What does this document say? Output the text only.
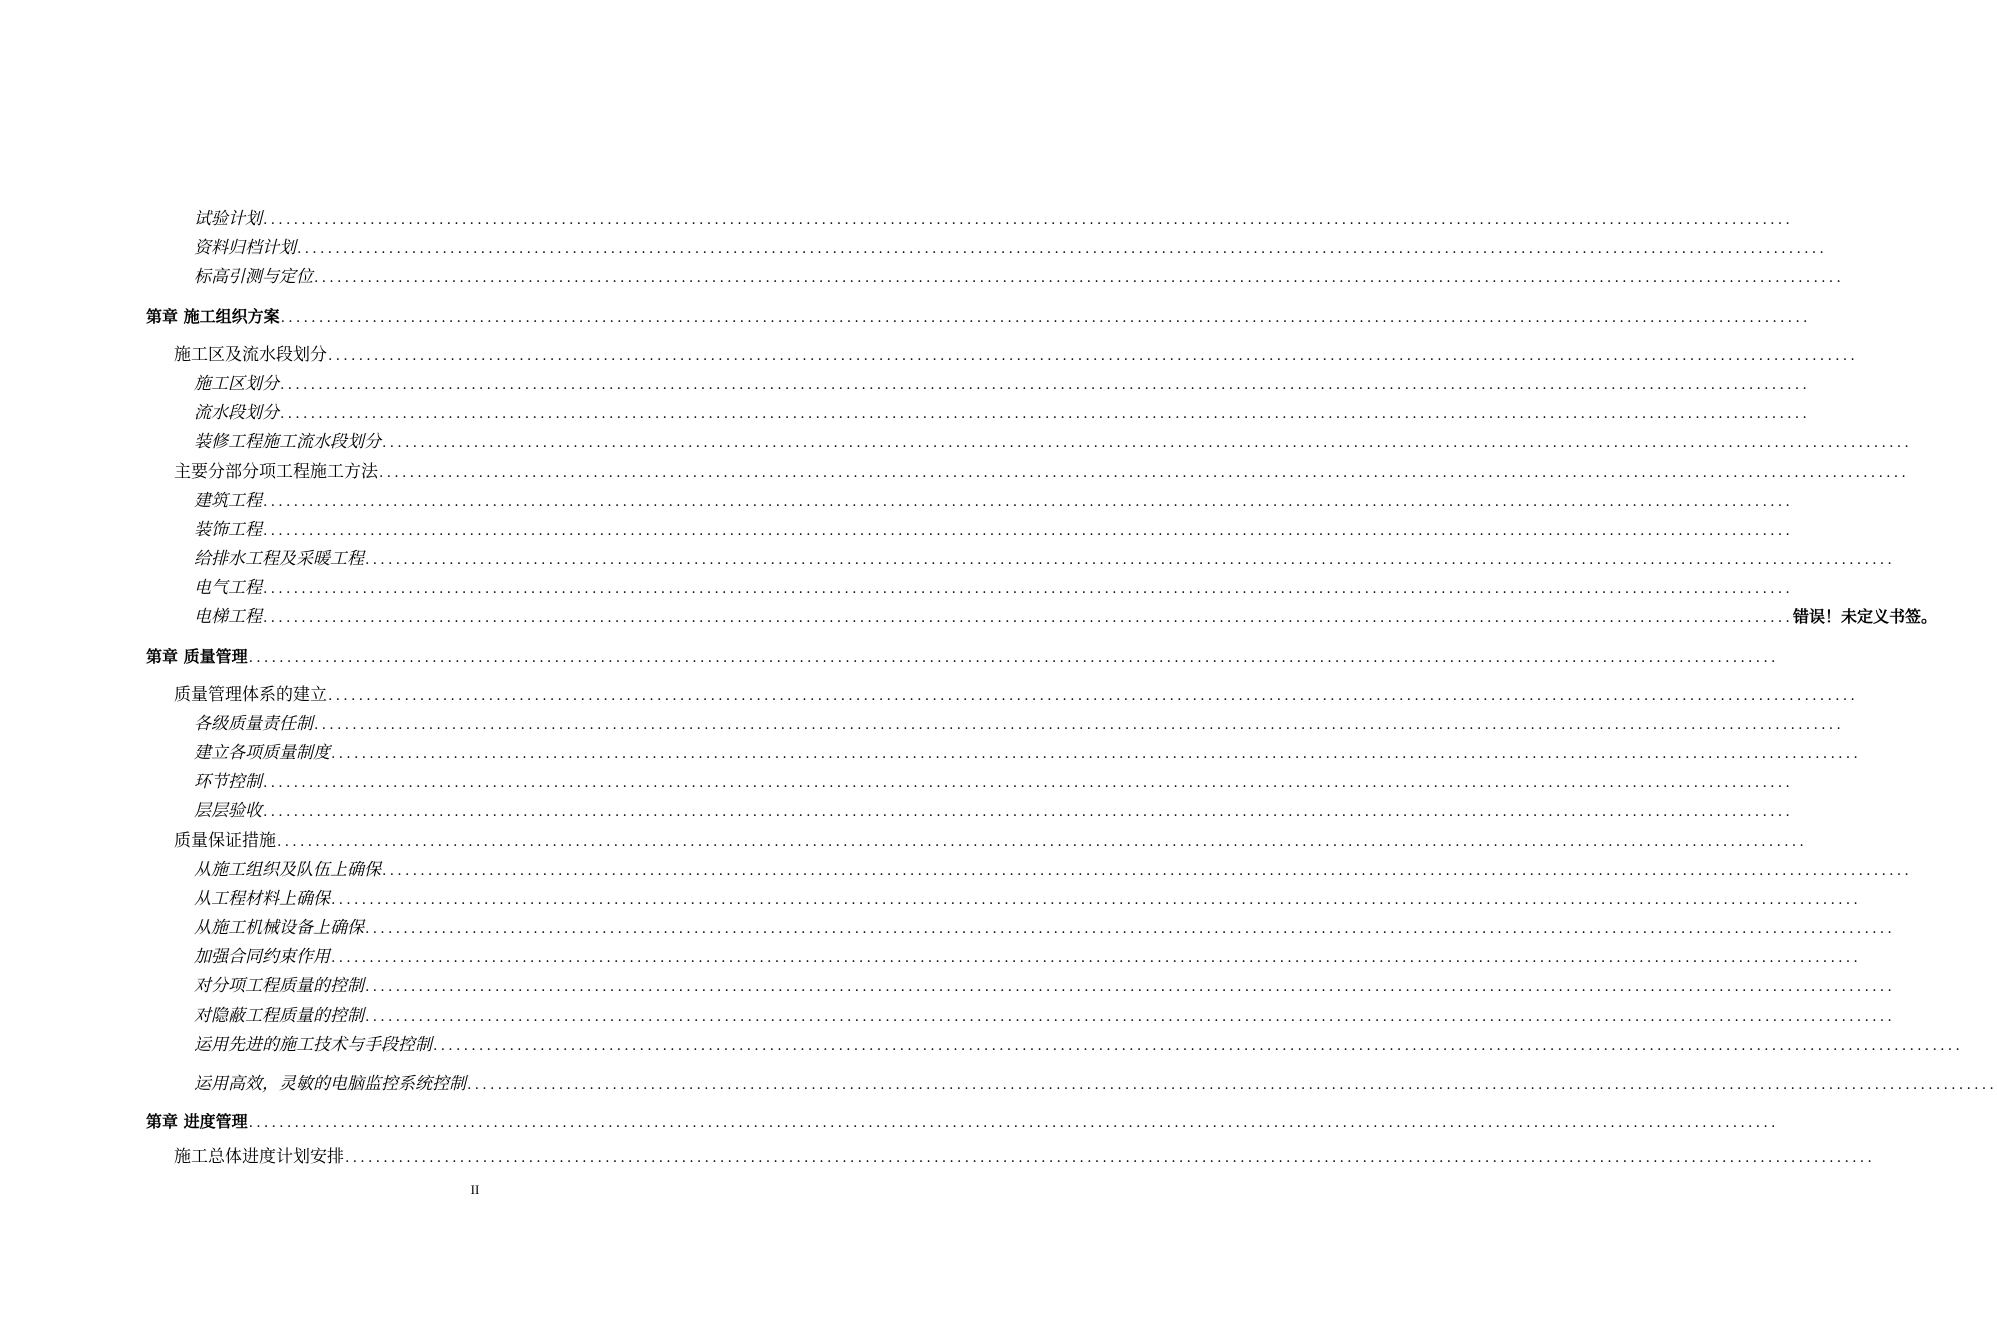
试验计划 ........................................................................................................................................................................................................
资料归档计划 ........................................................................................................................................................................................................
标高引测与定位 ........................................................................................................................................................................................................
第章 施工组织方案 ........................................................................................................................................................................................................
施工区及流水段划分 ........................................................................................................................................................................................................
施工区划分 ........................................................................................................................................................................................................
流水段划分 ........................................................................................................................................................................................................
装修工程施工流水段划分 ........................................................................................................................................................................................................
主要分部分项工程施工方法 ........................................................................................................................................................................................................
建筑工程 ........................................................................................................................................................................................................
装饰工程 ........................................................................................................................................................................................................
给排水工程及采暖工程 ........................................................................................................................................................................................................
电气工程 ........................................................................................................................................................................................................
电梯工程 ........................................................................................................................................................................................................ 错误！未定义书签。
第章 质量管理 ........................................................................................................................................................................................................
质量管理体系的建立 ........................................................................................................................................................................................................
各级质量责任制 ........................................................................................................................................................................................................
建立各项质量制度 ........................................................................................................................................................................................................
环节控制 ........................................................................................................................................................................................................
层层验收 ........................................................................................................................................................................................................
质量保证措施 ........................................................................................................................................................................................................
从施工组织及队伍上确保 ........................................................................................................................................................................................................
从工程材料上确保 ........................................................................................................................................................................................................
从施工机械设备上确保 ........................................................................................................................................................................................................
加强合同约束作用 ........................................................................................................................................................................................................
对分项工程质量的控制 ........................................................................................................................................................................................................
对隐蔽工程质量的控制 ........................................................................................................................................................................................................
运用先进的施工技术与手段控制 ........................................................................................................................................................................................................
运用高效，灵敏的电脑监控系统控制 ........................................................................................................................................................................................................
第章 进度管理 ........................................................................................................................................................................................................
施工总体进度计划安排 ........................................................................................................................................................................................................
II
